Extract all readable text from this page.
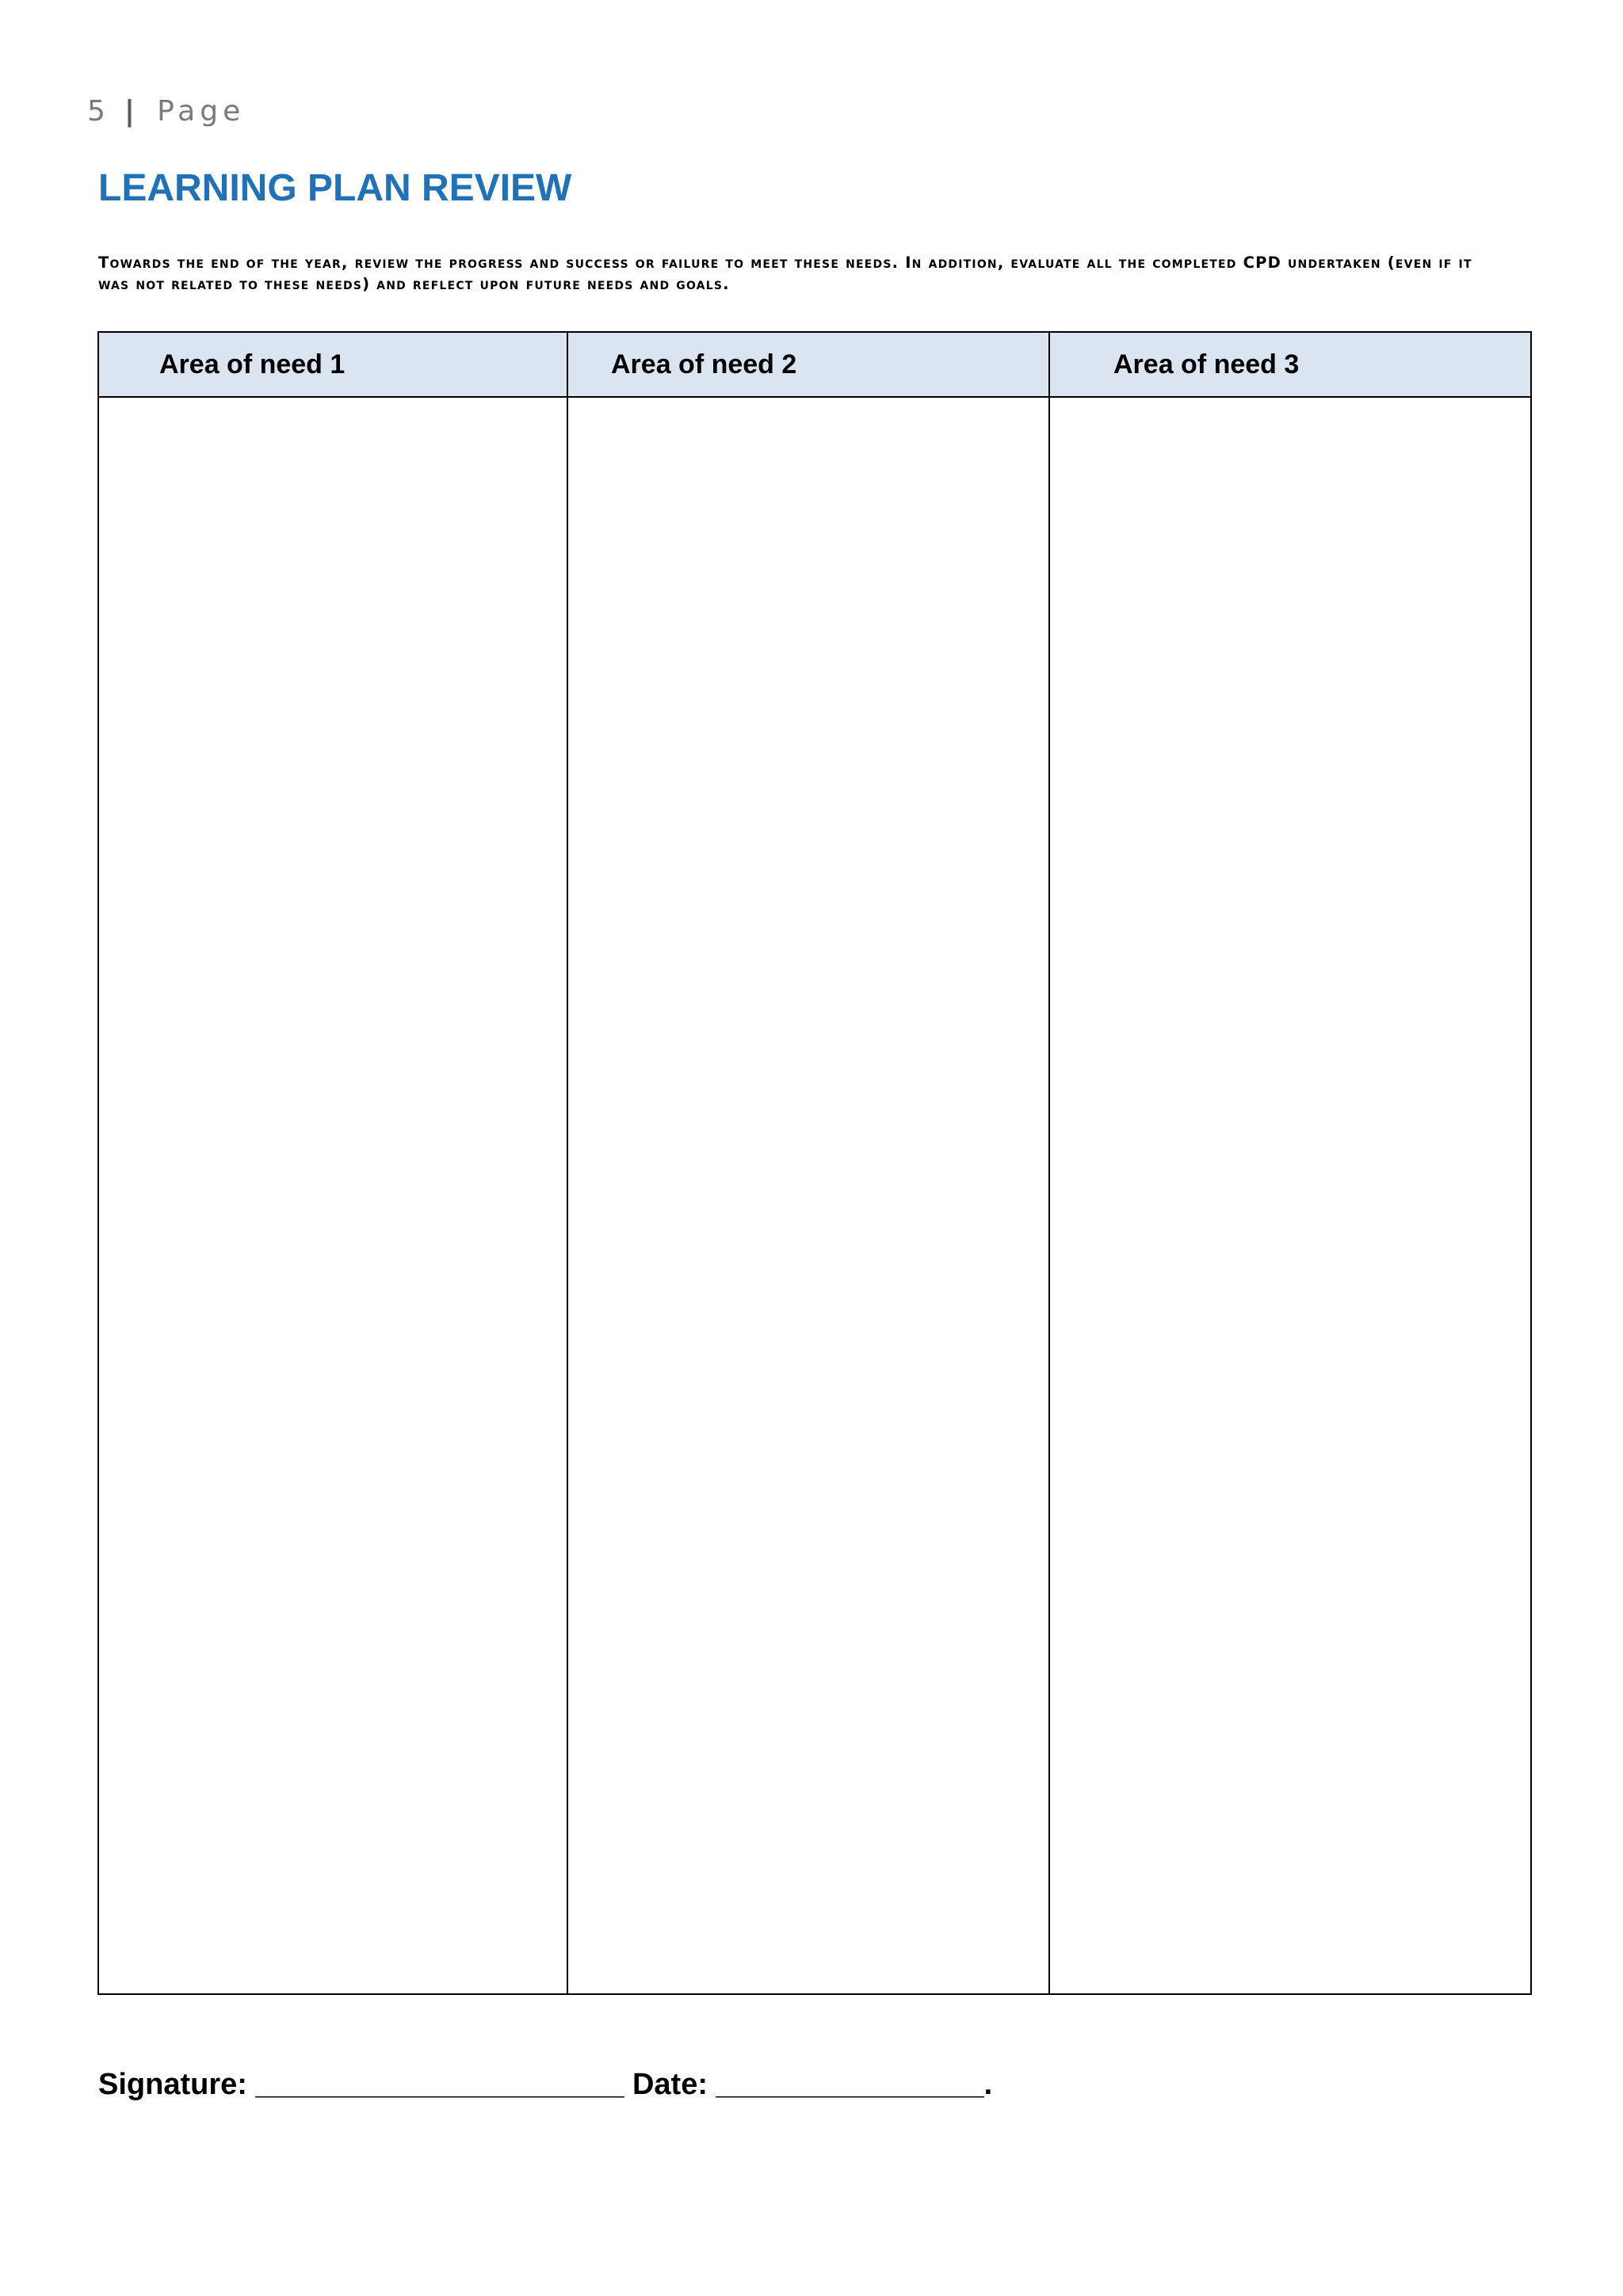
5 | Page
LEARNING PLAN REVIEW
Towards the end of the year, review the progress and success or failure to meet these needs. In addition, evaluate all the completed CPD undertaken (even if it was not related to these needs) and reflect upon future needs and goals.
Area of need 1	Area of need 2	Area of need 3
Signature: ______________________ Date: ________________.
